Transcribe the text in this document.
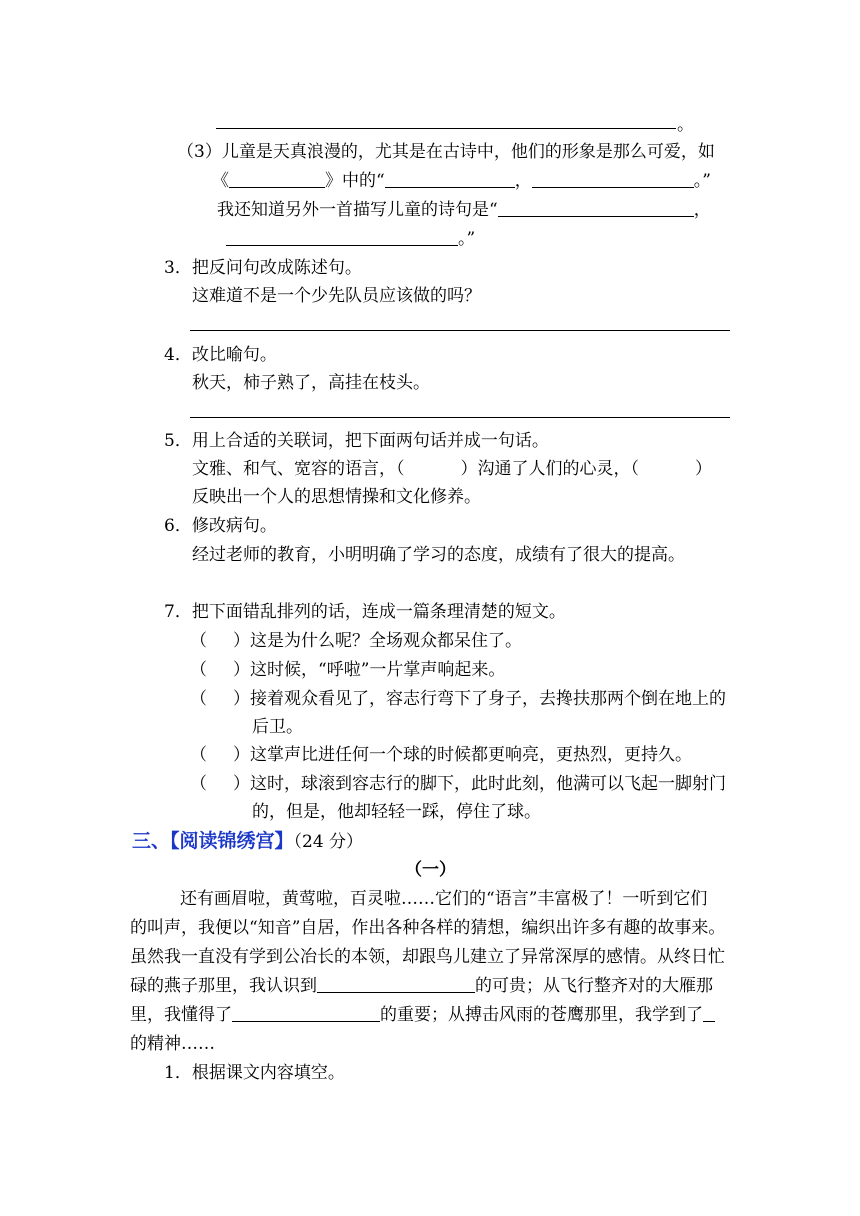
。
（3）儿童是天真浪漫的，尤其是在古诗中，他们的形象是那么可爱，如
《	》中的“	，	。”
我还知道另外一首描写儿童的诗句是“	，
。”
3．把反问句改成陈述句。
这难道不是一个少先队员应该做的吗？
4．改比喻句。
秋天，柿子熟了，高挂在枝头。
5．用上合适的关联词，把下面两句话并成一句话。
文雅、和气、宽容的语言，（	）沟通了人们的心灵，（	）
反映出一个人的思想情操和文化修养。
6．修改病句。
经过老师的教育，小明明确了学习的态度，成绩有了很大的提高。
7．把下面错乱排列的话，连成一篇条理清楚的短文。
（ ）这是为什么呢？全场观众都呆住了。
（ ）这时候，“呼啦”一片掌声响起来。
（ ）接着观众看见了，容志行弯下了身子，去搀扶那两个倒在地上的
后卫。
（ ）这掌声比进任何一个球的时候都更响亮，更热烈，更持久。
（ ）这时，球滚到容志行的脚下，此时此刻，他满可以飞起一脚射门
的，但是，他却轻轻一踩，停住了球。
三、【阅读锦绣宫】（24 分）
（一）
还有画眉啦，黄莺啦，百灵啦……它们的“语言”丰富极了！一听到它们
的叫声，我便以“知音”自居，作出各种各样的猜想，编织出许多有趣的故事来。
虽然我一直没有学到公冶长的本领，却跟鸟儿建立了异常深厚的感情。从终日忙
碌的燕子那里，我认识到	的可贵；从飞行整齐对的大雁那
里，我懂得了	的重要；从搏击风雨的苍鹰那里，我学到了
的精神……
1．根据课文内容填空。
